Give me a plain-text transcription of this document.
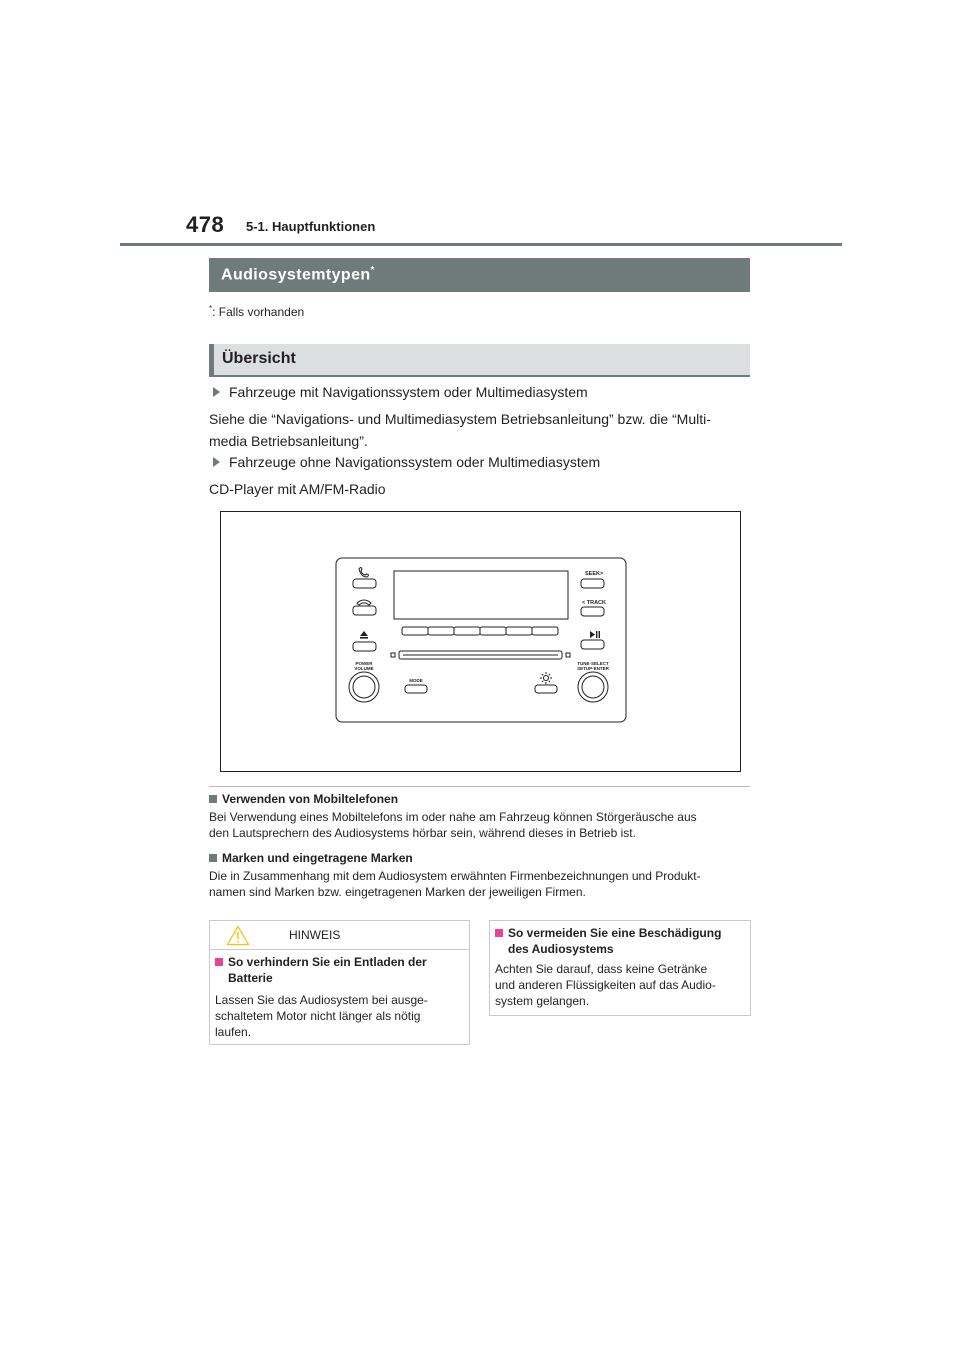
478 5-1. Hauptfunktionen
Audiosystemtypen*
*: Falls vorhanden
Übersicht
Fahrzeuge mit Navigationssystem oder Multimediasystem
Siehe die “Navigations- und Multimediasystem Betriebsanleitung” bzw. die “Multi-
media Betriebsanleitung”.
Fahrzeuge ohne Navigationssystem oder Multimediasystem
CD-Player mit AM/FM-Radio
SEEK>
< TRACK
POWER
VOLUME
TUNE·SELECT
SETUP·ENTER
MODE
Verwenden von Mobiltelefonen
Bei Verwendung eines Mobiltelefons im oder nahe am Fahrzeug können Störgeräusche aus
den Lautsprechern des Audiosystems hörbar sein, während dieses in Betrieb ist.
Marken und eingetragene Marken
Die in Zusammenhang mit dem Audiosystem erwähnten Firmenbezeichnungen und Produkt-
namen sind Marken bzw. eingetragenen Marken der jeweiligen Firmen.
HINWEIS
So verhindern Sie ein Entladen der
Batterie
Lassen Sie das Audiosystem bei ausge-
schaltetem Motor nicht länger als nötig
laufen.
So vermeiden Sie eine Beschädigung
des Audiosystems
Achten Sie darauf, dass keine Getränke
und anderen Flüssigkeiten auf das Audio-
system gelangen.
